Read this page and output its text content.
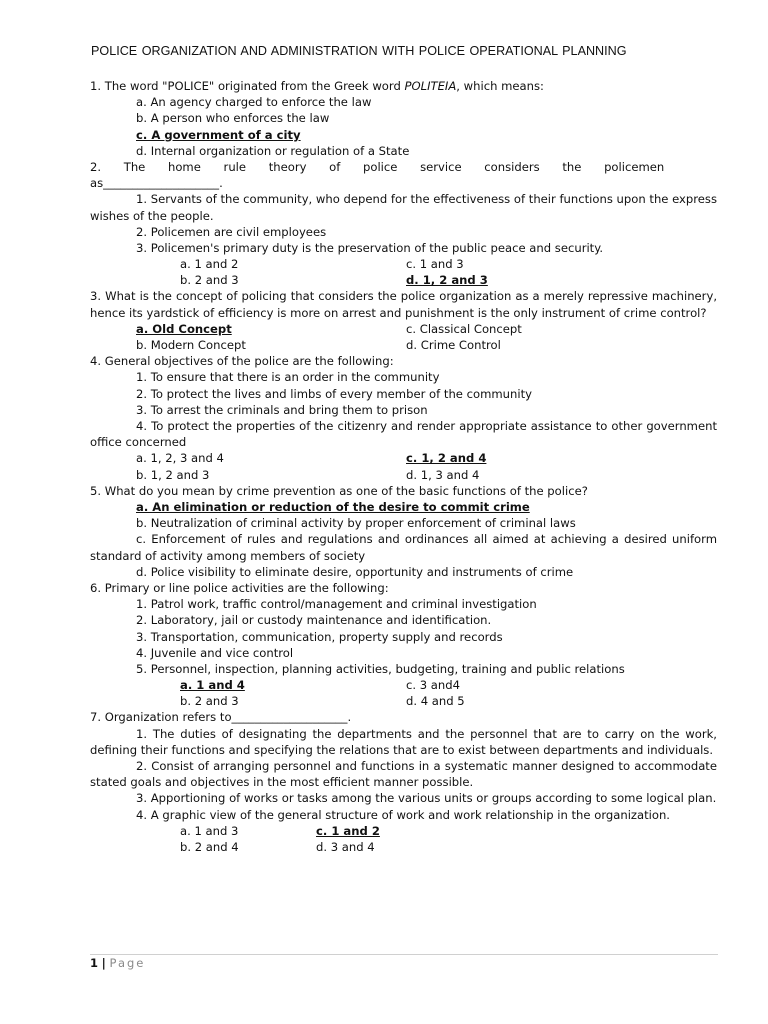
POLICE ORGANIZATION AND ADMINISTRATION WITH POLICE OPERATIONAL PLANNING
1. The word "POLICE" originated from the Greek word POLITEIA, which means:
a. An agency charged to enforce the law
b. A person who enforces the law
c. A government of a city
d. Internal organization or regulation of a State
2. The home rule theory of police service considers the policemen
as____________________.
1. Servants of the community, who depend for the effectiveness of their functions upon the express wishes of the people.
2. Policemen are civil employees
3. Policemen's primary duty is the preservation of the public peace and security.
a. 1 and 2	c. 1 and 3
b. 2 and 3	d. 1, 2 and 3
3. What is the concept of policing that considers the police organization as a merely repressive machinery, hence its yardstick of efficiency is more on arrest and punishment is the only instrument of crime control?
a. Old Concept	c. Classical Concept
b. Modern Concept	d. Crime Control
4. General objectives of the police are the following:
1. To ensure that there is an order in the community
2. To protect the lives and limbs of every member of the community
3. To arrest the criminals and bring them to prison
4. To protect the properties of the citizenry and render appropriate assistance to other government office concerned
a. 1, 2, 3 and 4	c. 1, 2 and 4
b. 1, 2 and 3	d. 1, 3 and 4
5. What do you mean by crime prevention as one of the basic functions of the police?
a. An elimination or reduction of the desire to commit crime
b. Neutralization of criminal activity by proper enforcement of criminal laws
c. Enforcement of rules and regulations and ordinances all aimed at achieving a desired uniform standard of activity among members of society
d. Police visibility to eliminate desire, opportunity and instruments of crime
6. Primary or line police activities are the following:
1. Patrol work, traffic control/management and criminal investigation
2. Laboratory, jail or custody maintenance and identification.
3. Transportation, communication, property supply and records
4. Juvenile and vice control
5. Personnel, inspection, planning activities, budgeting, training and public relations
a. 1 and 4	c. 3 and4
b. 2 and 3	d. 4 and 5
7. Organization refers to____________________.
1. The duties of designating the departments and the personnel that are to carry on the work, defining their functions and specifying the relations that are to exist between departments and individuals.
2. Consist of arranging personnel and functions in a systematic manner designed to accommodate stated goals and objectives in the most efficient manner possible.
3. Apportioning of works or tasks among the various units or groups according to some logical plan.
4. A graphic view of the general structure of work and work relationship in the organization.
a. 1 and 3	c. 1 and 2
b. 2 and 4	d. 3 and 4
1 | Page
